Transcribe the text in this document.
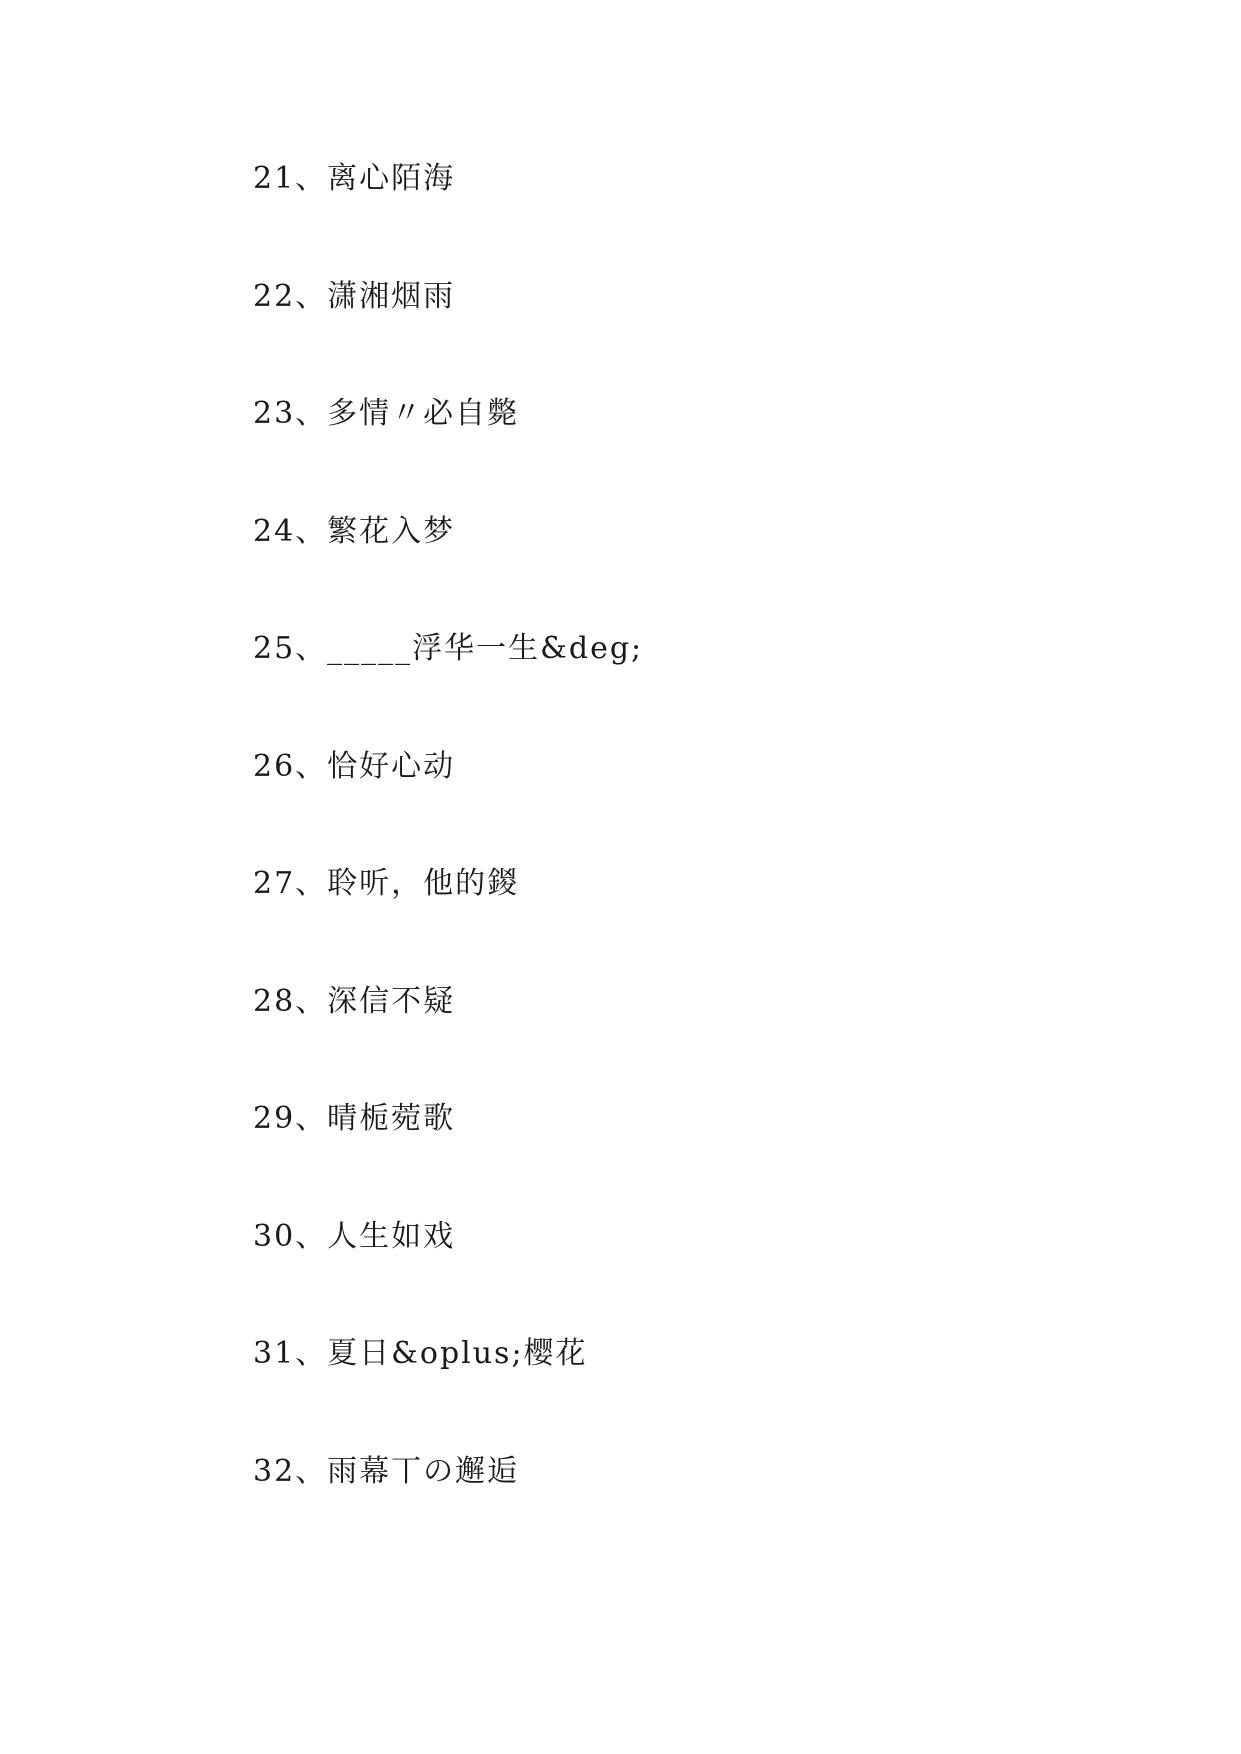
21、离心陌海
22、潇湘烟雨
23、多情〃必自斃
24、繁花入梦
25、_____浮华一生&deg;
26、恰好心动
27、聆听，他的鍐
28、深信不疑
29、晴栀菀歌
30、人生如戏
31、夏日&oplus;樱花
32、雨幕丅の邂逅
